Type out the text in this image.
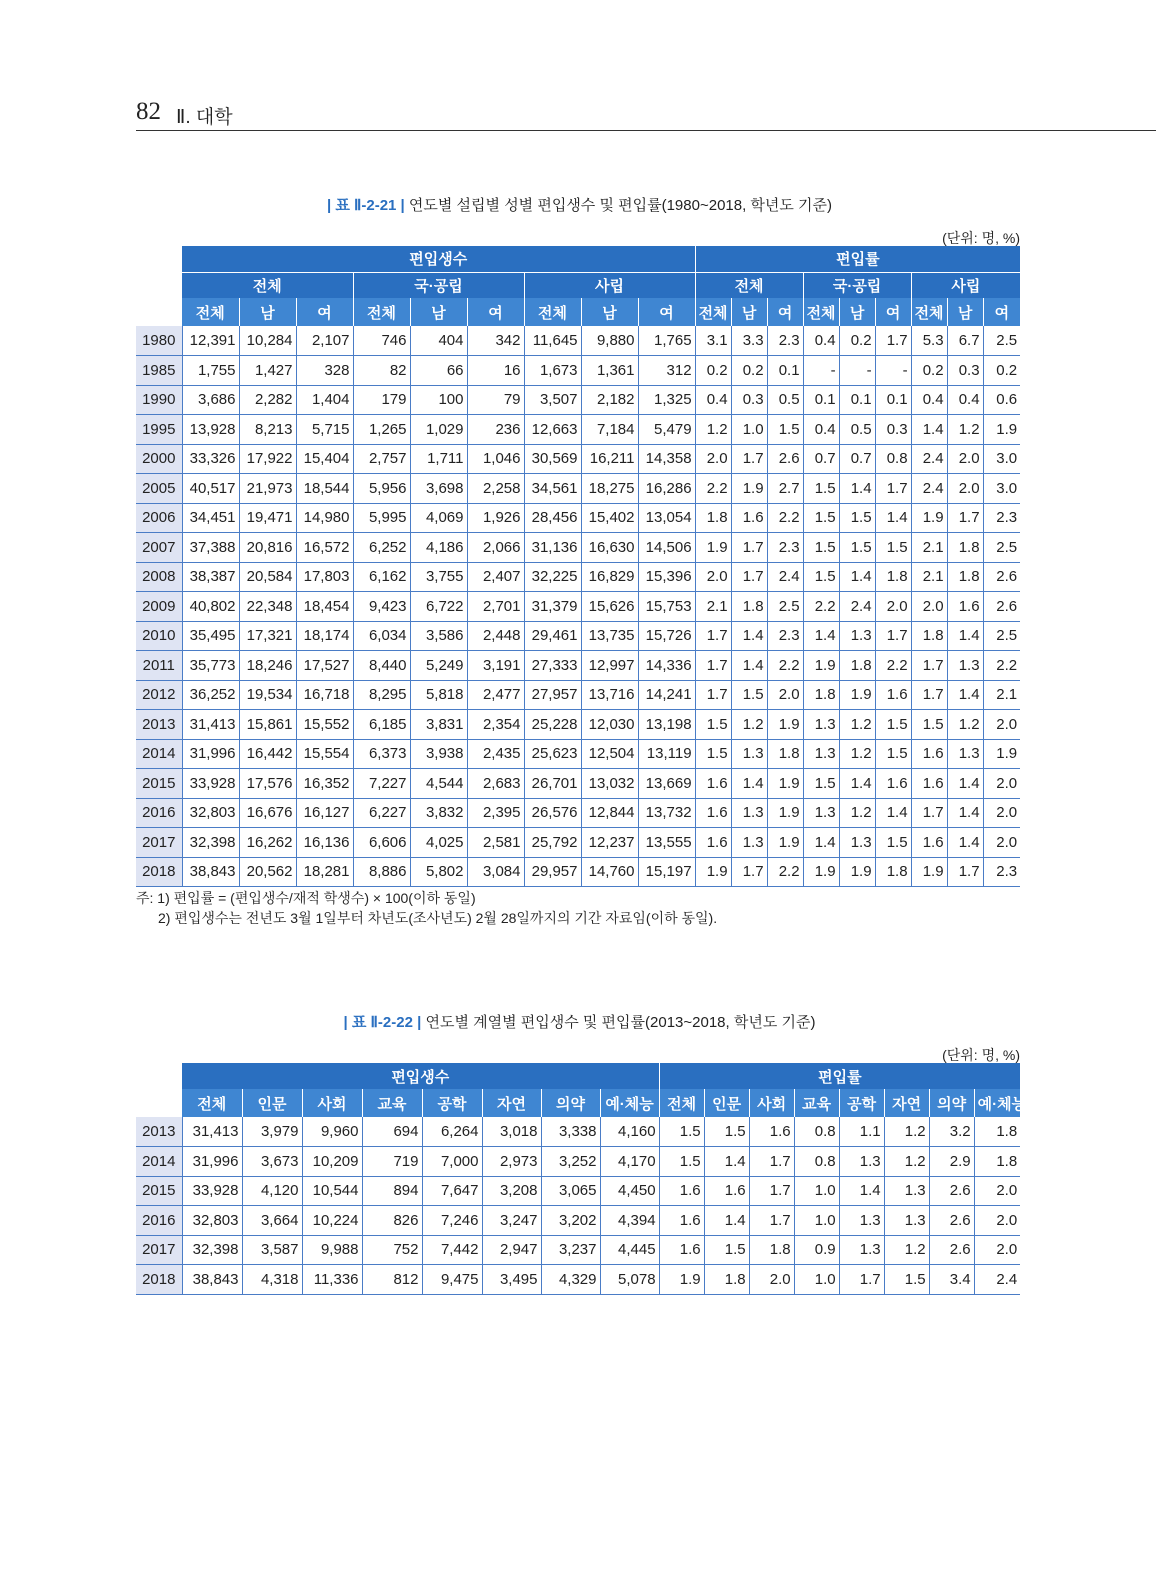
82 Ⅱ. 대학
| 표 Ⅱ-2-21 | 연도별 설립별 성별 편입생수 및 편입률(1980~2018, 학년도 기준)
(단위: 명, %)
	편입생수									편입률								
	전체			국·공립			사립			전체			국·공립			사립		
	전체	남	여	전체	남	여	전체	남	여	전체	남	여	전체	남	여	전체	남	여
1980	12,391	10,284	2,107	746	404	342	11,645	9,880	1,765	3.1	3.3	2.3	0.4	0.2	1.7	5.3	6.7	2.5
1985	1,755	1,427	328	82	66	16	1,673	1,361	312	0.2	0.2	0.1	-	-	-	0.2	0.3	0.2
1990	3,686	2,282	1,404	179	100	79	3,507	2,182	1,325	0.4	0.3	0.5	0.1	0.1	0.1	0.4	0.4	0.6
1995	13,928	8,213	5,715	1,265	1,029	236	12,663	7,184	5,479	1.2	1.0	1.5	0.4	0.5	0.3	1.4	1.2	1.9
2000	33,326	17,922	15,404	2,757	1,711	1,046	30,569	16,211	14,358	2.0	1.7	2.6	0.7	0.7	0.8	2.4	2.0	3.0
2005	40,517	21,973	18,544	5,956	3,698	2,258	34,561	18,275	16,286	2.2	1.9	2.7	1.5	1.4	1.7	2.4	2.0	3.0
2006	34,451	19,471	14,980	5,995	4,069	1,926	28,456	15,402	13,054	1.8	1.6	2.2	1.5	1.5	1.4	1.9	1.7	2.3
2007	37,388	20,816	16,572	6,252	4,186	2,066	31,136	16,630	14,506	1.9	1.7	2.3	1.5	1.5	1.5	2.1	1.8	2.5
2008	38,387	20,584	17,803	6,162	3,755	2,407	32,225	16,829	15,396	2.0	1.7	2.4	1.5	1.4	1.8	2.1	1.8	2.6
2009	40,802	22,348	18,454	9,423	6,722	2,701	31,379	15,626	15,753	2.1	1.8	2.5	2.2	2.4	2.0	2.0	1.6	2.6
2010	35,495	17,321	18,174	6,034	3,586	2,448	29,461	13,735	15,726	1.7	1.4	2.3	1.4	1.3	1.7	1.8	1.4	2.5
2011	35,773	18,246	17,527	8,440	5,249	3,191	27,333	12,997	14,336	1.7	1.4	2.2	1.9	1.8	2.2	1.7	1.3	2.2
2012	36,252	19,534	16,718	8,295	5,818	2,477	27,957	13,716	14,241	1.7	1.5	2.0	1.8	1.9	1.6	1.7	1.4	2.1
2013	31,413	15,861	15,552	6,185	3,831	2,354	25,228	12,030	13,198	1.5	1.2	1.9	1.3	1.2	1.5	1.5	1.2	2.0
2014	31,996	16,442	15,554	6,373	3,938	2,435	25,623	12,504	13,119	1.5	1.3	1.8	1.3	1.2	1.5	1.6	1.3	1.9
2015	33,928	17,576	16,352	7,227	4,544	2,683	26,701	13,032	13,669	1.6	1.4	1.9	1.5	1.4	1.6	1.6	1.4	2.0
2016	32,803	16,676	16,127	6,227	3,832	2,395	26,576	12,844	13,732	1.6	1.3	1.9	1.3	1.2	1.4	1.7	1.4	2.0
2017	32,398	16,262	16,136	6,606	4,025	2,581	25,792	12,237	13,555	1.6	1.3	1.9	1.4	1.3	1.5	1.6	1.4	2.0
2018	38,843	20,562	18,281	8,886	5,802	3,084	29,957	14,760	15,197	1.9	1.7	2.2	1.9	1.9	1.8	1.9	1.7	2.3
주: 1) 편입률 = (편입생수/재적 학생수) × 100(이하 동일)
2) 편입생수는 전년도 3월 1일부터 차년도(조사년도) 2월 28일까지의 기간 자료임(이하 동일).
| 표 Ⅱ-2-22 | 연도별 계열별 편입생수 및 편입률(2013~2018, 학년도 기준)
(단위: 명, %)
	편입생수								편입률							
	전체	인문	사회	교육	공학	자연	의약	예·체능	전체	인문	사회	교육	공학	자연	의약	예·체능
2013	31,413	3,979	9,960	694	6,264	3,018	3,338	4,160	1.5	1.5	1.6	0.8	1.1	1.2	3.2	1.8
2014	31,996	3,673	10,209	719	7,000	2,973	3,252	4,170	1.5	1.4	1.7	0.8	1.3	1.2	2.9	1.8
2015	33,928	4,120	10,544	894	7,647	3,208	3,065	4,450	1.6	1.6	1.7	1.0	1.4	1.3	2.6	2.0
2016	32,803	3,664	10,224	826	7,246	3,247	3,202	4,394	1.6	1.4	1.7	1.0	1.3	1.3	2.6	2.0
2017	32,398	3,587	9,988	752	7,442	2,947	3,237	4,445	1.6	1.5	1.8	0.9	1.3	1.2	2.6	2.0
2018	38,843	4,318	11,336	812	9,475	3,495	4,329	5,078	1.9	1.8	2.0	1.0	1.7	1.5	3.4	2.4
